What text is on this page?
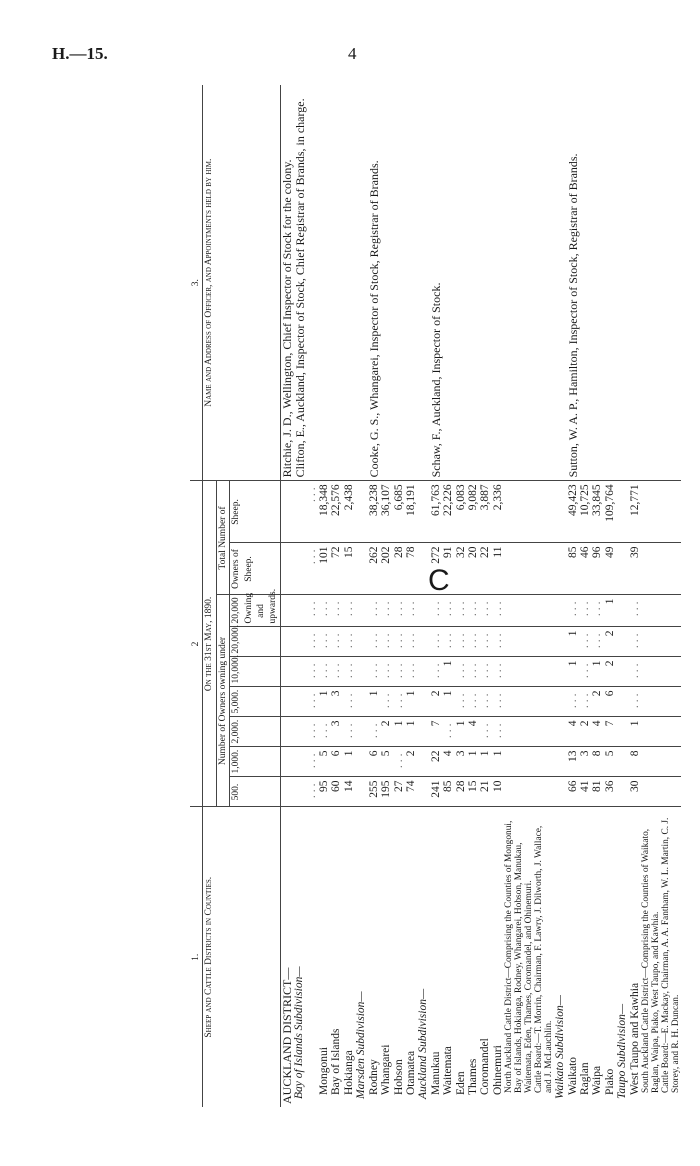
H.—15.	4
C
1.	2									3.
Sheep and Cattle Districts in Counties.	On the 31st May, 1890.									Name and Address of Officer, and Appointments held by him.
	Number of Owners owning under							Total Number of		
	500.	1,000.	2,000.	5,000.	10,000.	20,000.	20,000 Owning and upwards.	Owners of Sheep.	Sheep.	
AUCKLAND DISTRICT—										Ritchie, J. D., Wellington, Chief Inspector of Stock for the colony. Clifton, E., Auckland, Inspector of Stock, Chief Registrar of Brands, in charge.

Bay of Islands Subdivision—										
	...	...	...	...	...	...	...	...	...	
Mongonui	95	5	...	1	...	...	...	101	18,348	
Bay of Islands	60	6	3	3	...	...	...	72	22,576	
Hokianga	14	1	...	...	...	...	...	15	2,438	
Marsden Subdivision—										
Rodney	255	6	...	1	...	...	...	262	38,238	Cooke, G. S., Whangarei, Inspector of Stock, Registrar of Brands.

Whangarei	195	5	2	...	...	...	...	202	36,107	
Hobson	27	...	1	...	...	...	...	28	6,685	
Otamatea	74	2	1	1	...	...	...	78	18,191	
Auckland Subdivision—										
Manukau	241	22	7	2	...	...	...	272	61,763	Schaw, F., Auckland, Inspector of Stock.

Waitemata	85	4	...	1	1	...	...	91	22,226	
Eden	28	3	1	...	...	...	...	32	6,083	
Thames	15	1	4	...	...	...	...	20	9,082	
Coromandel	21	1	...	...	...	...	...	22	3,887	
Ohinemuri	10	1	...	...	...	...	...	11	2,336	
North Auckland Cattle District—Comprising the Counties of Mongonui, Bay of Islands, Hokianga, Rodney, Whangarei, Hobson, Manukau, Waitemata, Eden, Thames, Coromandel, and Ohinemuri.										
Cattle Board:—T. Morrin, Chairman, F. Lawry, J. Dilworth, J. Wallace, and J. McLauchlin.										
Waikato Subdivision—										
Waikato	66	13	4	...	1	1	...	85	49,423	Sutton, W. A. P., Hamilton, Inspector of Stock, Registrar of Brands.

Raglan	41	3	2	...	...	...	...	46	10,725	
Waipa	81	8	4	2	1	...	...	96	33,845	
Piako	36	5	7	6	2	2	1	49	109,764	
Taupo Subdivision—										
West Taupo and Kawhia	30	8	1	...	...	...	...	39	12,771	
South Auckland Cattle District—Comprising the Counties of Waikato, Raglan, Waipa, Piako, West Taupo, and Kawhia.										
Cattle Board:—E. Mackay, Chairman, A. A. Fantham, W. L. Martin, C. J. Storey, and R. H. Duncan.										
